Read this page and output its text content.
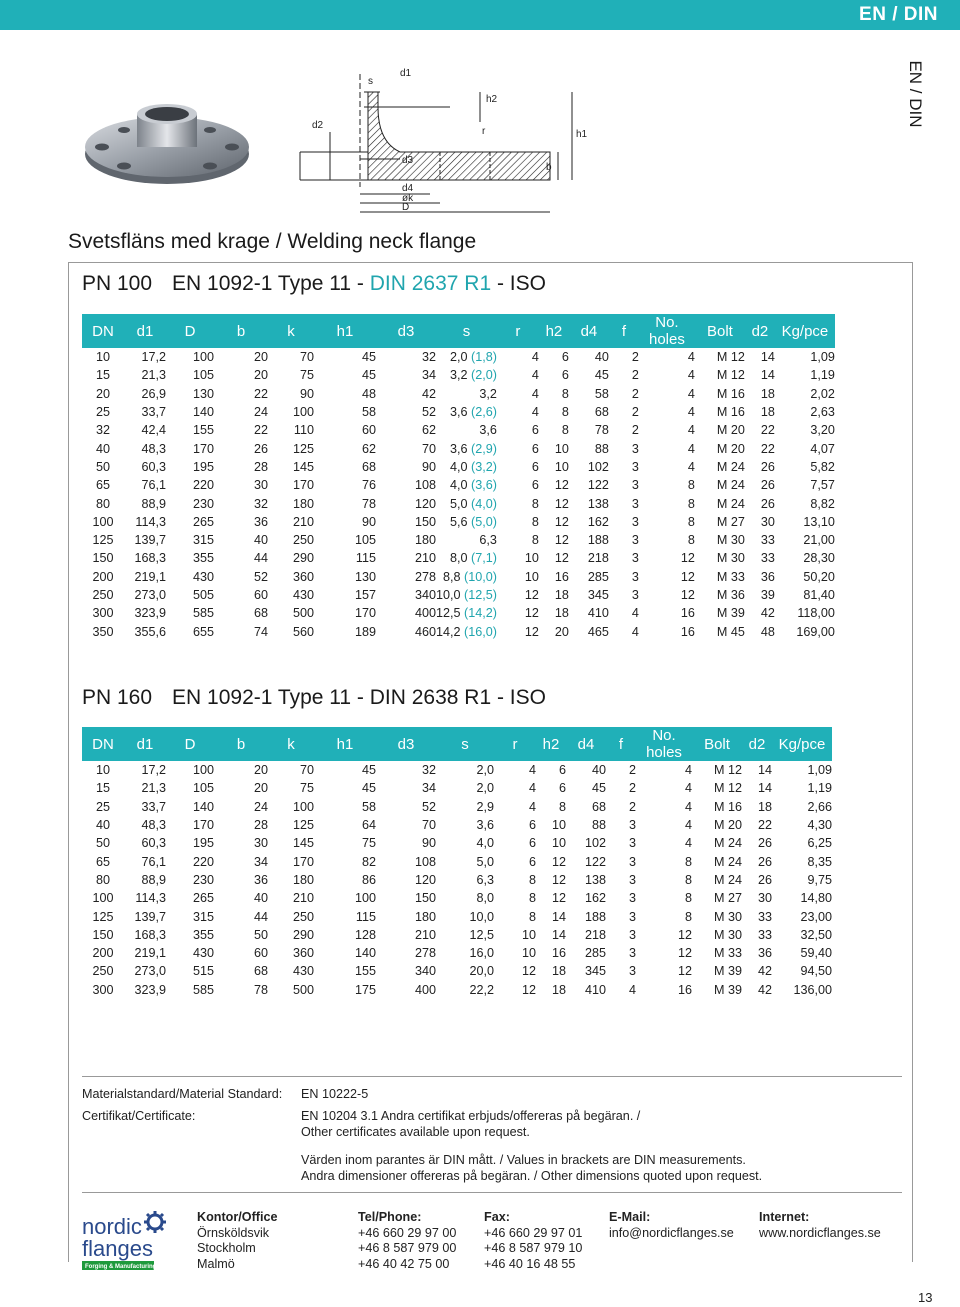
EN / DIN
EN / DIN
s
d1
h2
d2
r	h1
d3
b
d4
øk
D
Svetsfläns med krage / Welding neck flange
PN 100 EN 1092-1 Type 11 - DIN 2637 R1 - ISO
DN	d1	D	b	k	h1	d3	s	r	h2	d4	f	No. holes	Bolt	d2	Kg/pce
10	17,2	100	20	70	45	32	2,0 (1,8)	4	6	40	2	4	M 12	14	1,09
15	21,3	105	20	75	45	34	3,2 (2,0)	4	6	45	2	4	M 12	14	1,19
20	26,9	130	22	90	48	42	3,2	4	8	58	2	4	M 16	18	2,02
25	33,7	140	24	100	58	52	3,6 (2,6)	4	8	68	2	4	M 16	18	2,63
32	42,4	155	22	110	60	62	3,6	6	8	78	2	4	M 20	22	3,20
40	48,3	170	26	125	62	70	3,6 (2,9)	6	10	88	3	4	M 20	22	4,07
50	60,3	195	28	145	68	90	4,0 (3,2)	6	10	102	3	4	M 24	26	5,82
65	76,1	220	30	170	76	108	4,0 (3,6)	6	12	122	3	8	M 24	26	7,57
80	88,9	230	32	180	78	120	5,0 (4,0)	8	12	138	3	8	M 24	26	8,82
100	114,3	265	36	210	90	150	5,6 (5,0)	8	12	162	3	8	M 27	30	13,10
125	139,7	315	40	250	105	180	6,3	8	12	188	3	8	M 30	33	21,00
150	168,3	355	44	290	115	210	8,0 (7,1)	10	12	218	3	12	M 30	33	28,30
200	219,1	430	52	360	130	278	8,8 (10,0)	10	16	285	3	12	M 33	36	50,20
250	273,0	505	60	430	157	340	10,0 (12,5)	12	18	345	3	12	M 36	39	81,40
300	323,9	585	68	500	170	400	12,5 (14,2)	12	18	410	4	16	M 39	42	118,00
350	355,6	655	74	560	189	460	14,2 (16,0)	12	20	465	4	16	M 45	48	169,00
PN 160 EN 1092-1 Type 11 - DIN 2638 R1 - ISO
DN	d1	D	b	k	h1	d3	s	r	h2	d4	f	No. holes	Bolt	d2	Kg/pce
10	17,2	100	20	70	45	32	2,0	4	6	40	2	4	M 12	14	1,09
15	21,3	105	20	75	45	34	2,0	4	6	45	2	4	M 12	14	1,19
25	33,7	140	24	100	58	52	2,9	4	8	68	2	4	M 16	18	2,66
40	48,3	170	28	125	64	70	3,6	6	10	88	3	4	M 20	22	4,30
50	60,3	195	30	145	75	90	4,0	6	10	102	3	4	M 24	26	6,25
65	76,1	220	34	170	82	108	5,0	6	12	122	3	8	M 24	26	8,35
80	88,9	230	36	180	86	120	6,3	8	12	138	3	8	M 24	26	9,75
100	114,3	265	40	210	100	150	8,0	8	12	162	3	8	M 27	30	14,80
125	139,7	315	44	250	115	180	10,0	8	14	188	3	8	M 30	33	23,00
150	168,3	355	50	290	128	210	12,5	10	14	218	3	12	M 30	33	32,50
200	219,1	430	60	360	140	278	16,0	10	16	285	3	12	M 33	36	59,40
250	273,0	515	68	430	155	340	20,0	12	18	345	3	12	M 39	42	94,50
300	323,9	585	78	500	175	400	22,2	12	18	410	4	16	M 39	42	136,00
Materialstandard/Material Standard: EN 10222-5
Certifikat/Certificate:	EN 10204 3.1 Andra certifikat erbjuds/offereras på begäran. /
Other certificates available upon request.
Värden inom parantes är DIN mått. / Values in brackets are DIN measurements.
Andra dimensioner offereras på begäran. / Other dimensions quoted upon request.
nordic
flanges
Forging & Manufacturing
Kontor/Office
Örnsköldsvik
Stockholm
Malmö
Tel/Phone:
+46 660 29 97 00
+46 8 587 979 00
+46 40 42 75 00
Fax:
+46 660 29 97 01
+46 8 587 979 10
+46 40 16 48 55
E-Mail:
info@nordicflanges.se
Internet:
www.nordicflanges.se
13
